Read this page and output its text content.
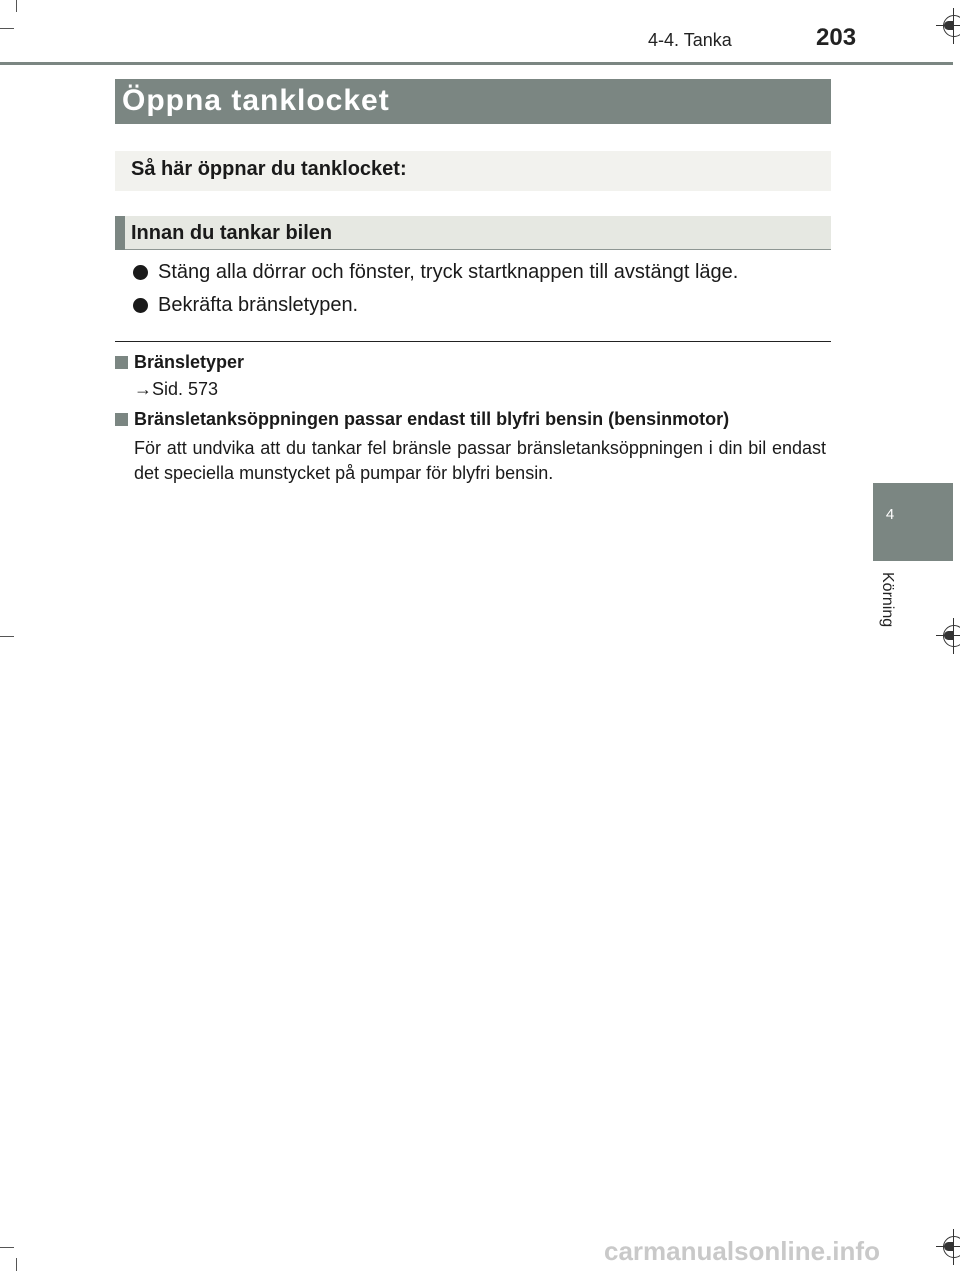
4-4. Tanka	203
Öppna tanklocket
Så här öppnar du tanklocket:
Innan du tankar bilen
Stäng alla dörrar och fönster, tryck startknappen till avstängt läge.
Bekräfta bränsletypen.
Bränsletyper
→Sid. 573
Bränsletanksöppningen passar endast till blyfri bensin (bensinmotor)
För att undvika att du tankar fel bränsle passar bränsletanksöppningen i din bil endast det speciella munstycket på pumpar för blyfri bensin.
4
Körning
carmanualsonline.info
